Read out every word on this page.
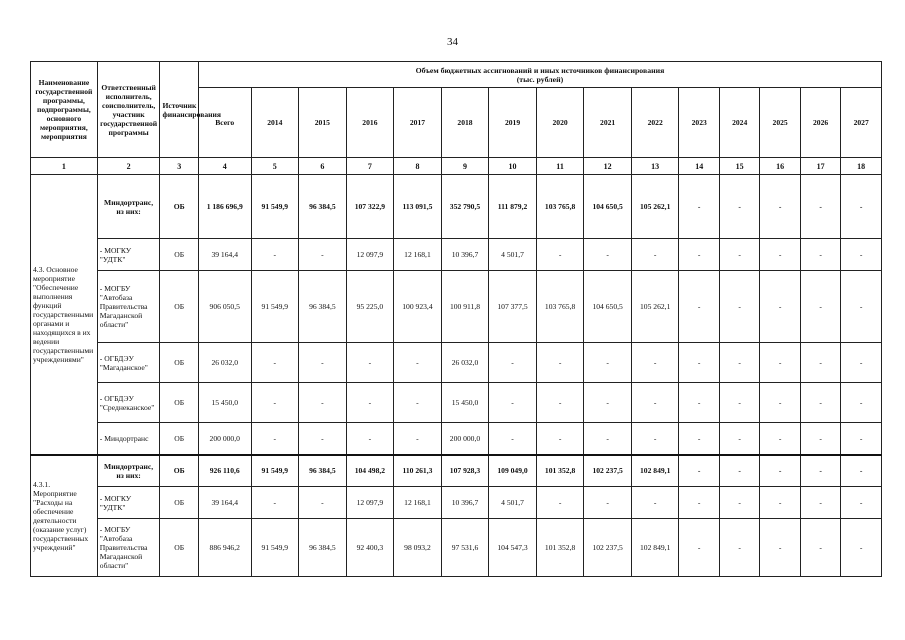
34
Наименование государственной программы, подпрограммы, основного мероприятия, мероприятия	Ответственный исполнитель, соисполнитель, участник государственной программы	Источник финансирования	Объем бюджетных ассигнований и иных источников финансирования
(тыс. рублей)														
			Всего	2014	2015	2016	2017	2018	2019	2020	2021	2022	2023	2024	2025	2026	2027
1	2	3	4	5	6	7	8	9	10	11	12	13	14	15	16	17	18
4.3. Основное мероприятие "Обеспечение выполнения функций государственными органами и находящихся в их ведении государственными учреждениями"	Миндортранс, из них:	ОБ	1 186 696,9	91 549,9	96 384,5	107 322,9	113 091,5	352 790,5	111 879,2	103 765,8	104 650,5	105 262,1	-	-	-	-	-
	- МОГКУ "УДТК"	ОБ	39 164,4	-	-	12 097,9	12 168,1	10 396,7	4 501,7	-	-	-	-	-	-	-	-
	- МОГБУ "Автобаза Правительства Магаданской области"	ОБ	906 050,5	91 549,9	96 384,5	95 225,0	100 923,4	100 911,8	107 377,5	103 765,8	104 650,5	105 262,1	-	-	-	-	-
	- ОГБДЭУ "Магаданское"	ОБ	26 032,0	-	-	-	-	26 032,0	-	-	-	-	-	-	-	-	-
	- ОГБДЭУ "Среднеканское"	ОБ	15 450,0	-	-	-	-	15 450,0	-	-	-	-	-	-	-	-	-
	- Миндортранс	ОБ	200 000,0	-	-	-	-	200 000,0	-	-	-	-	-	-	-	-	-
4.3.1. Мероприятие "Расходы на обеспечение деятельности (оказание услуг) государственных учреждений"	Миндортранс, из них:	ОБ	926 110,6	91 549,9	96 384,5	104 498,2	110 261,3	107 928,3	109 049,0	101 352,8	102 237,5	102 849,1	-	-	-	-	-
	- МОГКУ "УДТК"	ОБ	39 164,4	-	-	12 097,9	12 168,1	10 396,7	4 501,7	-	-	-	-	-	-	-	-
	- МОГБУ "Автобаза Правительства Магаданской области"	ОБ	886 946,2	91 549,9	96 384,5	92 400,3	98 093,2	97 531,6	104 547,3	101 352,8	102 237,5	102 849,1	-	-	-	-	-
